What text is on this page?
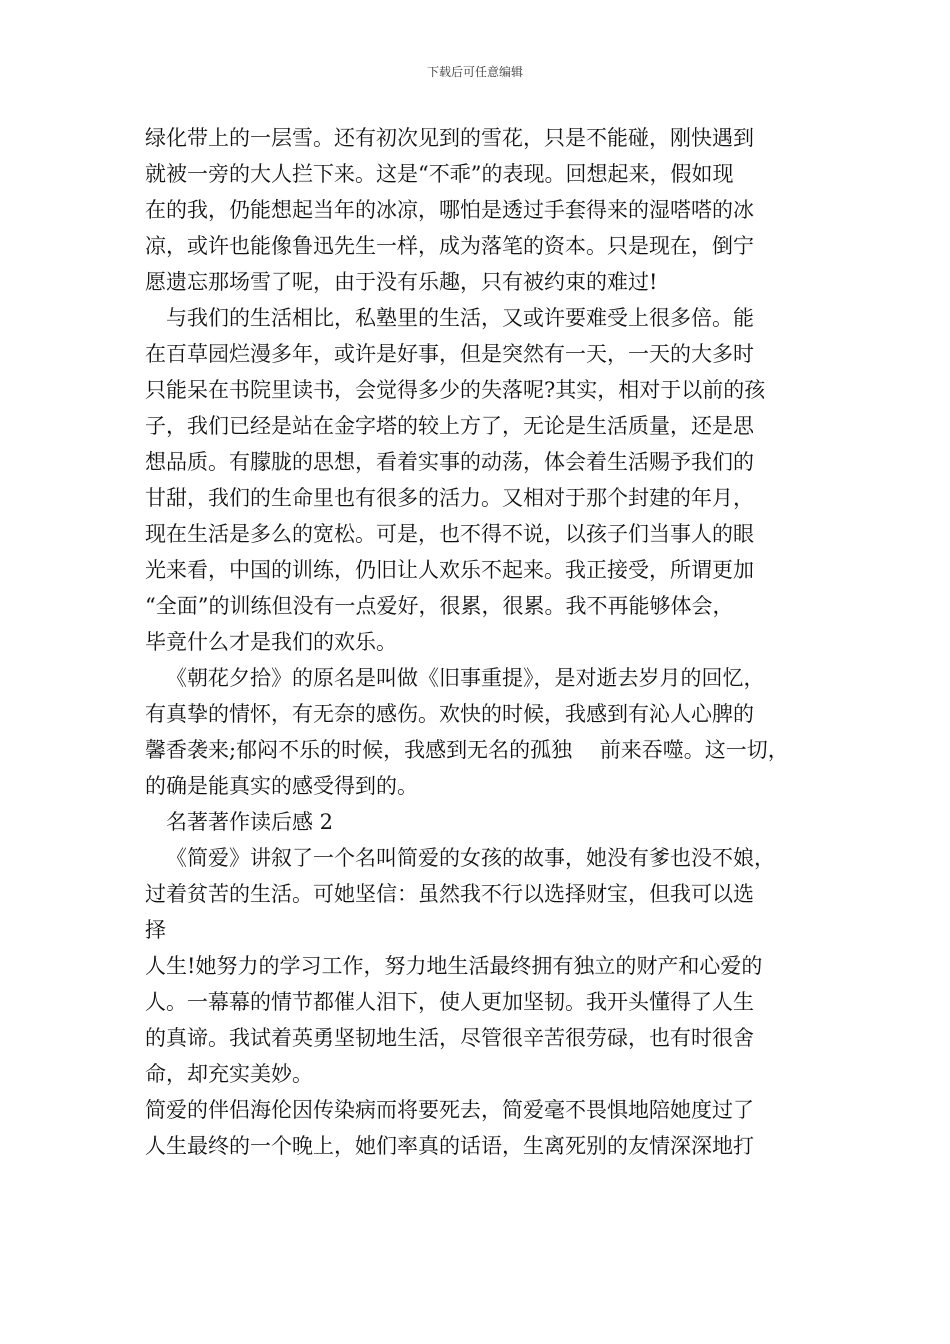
下载后可任意编辑
绿化带上的一层雪。还有初次见到的雪花，只是不能碰，刚快遇到
就被一旁的大人拦下来。这是“不乖”的表现。回想起来，假如现
在的我，仍能想起当年的冰凉，哪怕是透过手套得来的湿嗒嗒的冰
凉，或许也能像鲁迅先生一样，成为落笔的资本。只是现在，倒宁
愿遗忘那场雪了呢，由于没有乐趣，只有被约束的难过!
与我们的生活相比，私塾里的生活，又或许要难受上很多倍。能
在百草园烂漫多年，或许是好事，但是突然有一天，一天的大多时
只能呆在书院里读书，会觉得多少的失落呢?其实，相对于以前的孩
子，我们已经是站在金字塔的较上方了，无论是生活质量，还是思
想品质。有朦胧的思想，看着实事的动荡，体会着生活赐予我们的
甘甜，我们的生命里也有很多的活力。又相对于那个封建的年月，
现在生活是多么的宽松。可是，也不得不说，以孩子们当事人的眼
光来看，中国的训练，仍旧让人欢乐不起来。我正接受，所谓更加
“全面”的训练但没有一点爱好，很累，很累。我不再能够体会，
毕竟什么才是我们的欢乐。
《朝花夕拾》的原名是叫做《旧事重提》，是对逝去岁月的回忆，
有真挚的情怀，有无奈的感伤。欢快的时候，我感到有沁人心脾的
馨香袭来;郁闷不乐的时候，我感到无名的孤独　 前来吞噬。这一切，
的确是能真实的感受得到的。
名著著作读后感 2
《简爱》讲叙了一个名叫简爱的女孩的故事，她没有爹也没不娘，
过着贫苦的生活。可她坚信：虽然我不行以选择财宝，但我可以选
择
人生!她努力的学习工作，努力地生活最终拥有独立的财产和心爱的
人。一幕幕的情节都催人泪下，使人更加坚韧。我开头懂得了人生
的真谛。我试着英勇坚韧地生活，尽管很辛苦很劳碌，也有时很舍
命，却充实美妙。
简爱的伴侣海伦因传染病而将要死去，简爱毫不畏惧地陪她度过了
人生最终的一个晚上，她们率真的话语，生离死别的友情深深地打
